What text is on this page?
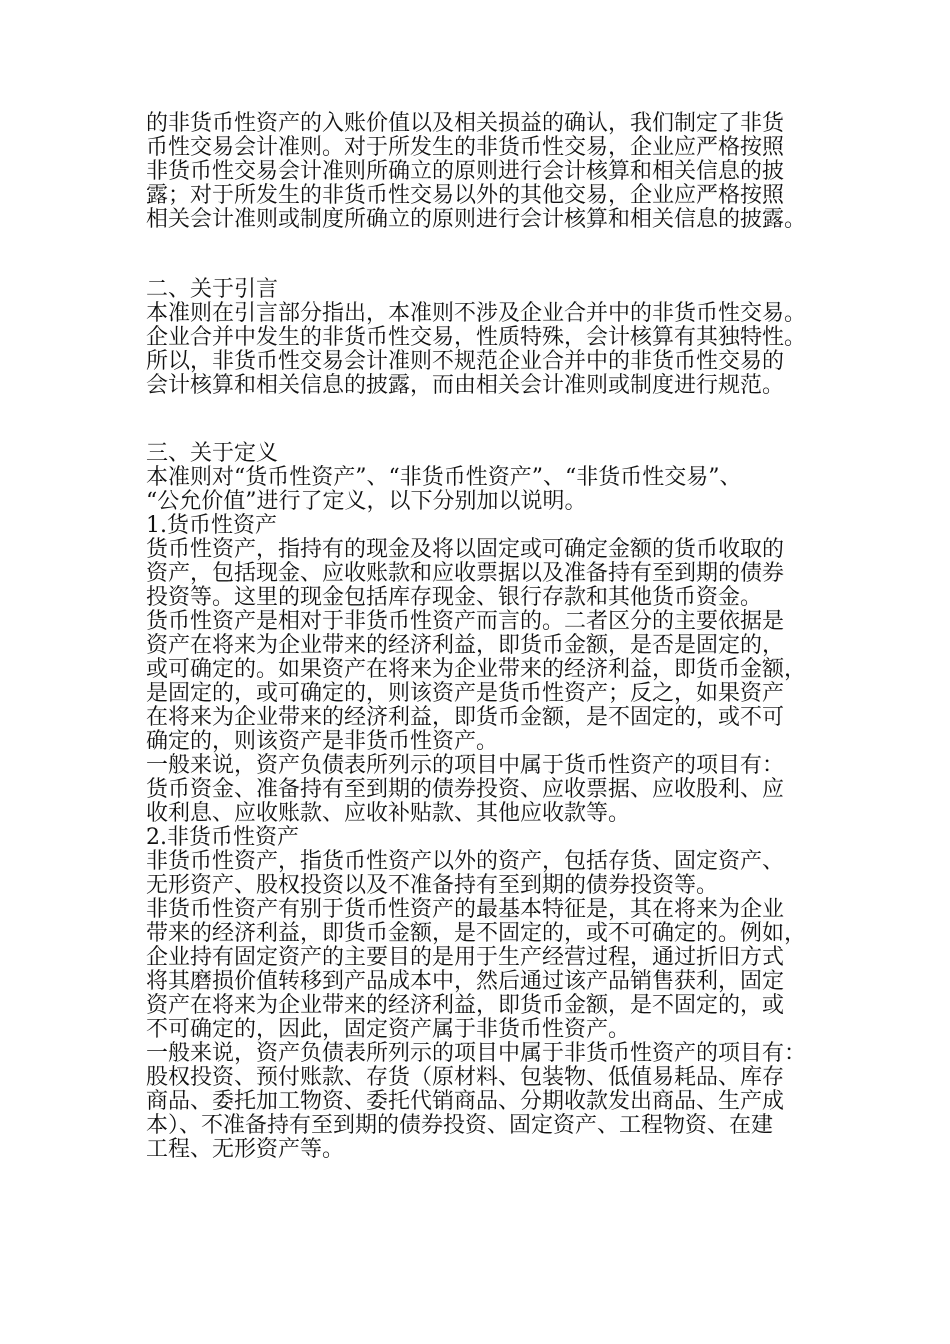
的非货币性资产的入账价值以及相关损益的确认，我们制定了非货
币性交易会计准则。对于所发生的非货币性交易，企业应严格按照
非货币性交易会计准则所确立的原则进行会计核算和相关信息的披
露；对于所发生的非货币性交易以外的其他交易，企业应严格按照
相关会计准则或制度所确立的原则进行会计核算和相关信息的披露。
二、关于引言
本准则在引言部分指出，本准则不涉及企业合并中的非货币性交易。
企业合并中发生的非货币性交易，性质特殊，会计核算有其独特性。
所以，非货币性交易会计准则不规范企业合并中的非货币性交易的
会计核算和相关信息的披露，而由相关会计准则或制度进行规范。
三、关于定义
本准则对“货币性资产”、“非货币性资产”、“非货币性交易”、
“公允价值”进行了定义，以下分别加以说明。
1.货币性资产
货币性资产，指持有的现金及将以固定或可确定金额的货币收取的
资产，包括现金、应收账款和应收票据以及准备持有至到期的债券
投资等。这里的现金包括库存现金、银行存款和其他货币资金。
货币性资产是相对于非货币性资产而言的。二者区分的主要依据是
资产在将来为企业带来的经济利益，即货币金额，是否是固定的，
或可确定的。如果资产在将来为企业带来的经济利益，即货币金额，
是固定的，或可确定的，则该资产是货币性资产；反之，如果资产
在将来为企业带来的经济利益，即货币金额，是不固定的，或不可
确定的，则该资产是非货币性资产。
一般来说，资产负债表所列示的项目中属于货币性资产的项目有：
货币资金、准备持有至到期的债券投资、应收票据、应收股利、应
收利息、应收账款、应收补贴款、其他应收款等。
2.非货币性资产
非货币性资产，指货币性资产以外的资产，包括存货、固定资产、
无形资产、股权投资以及不准备持有至到期的债券投资等。
非货币性资产有别于货币性资产的最基本特征是，其在将来为企业
带来的经济利益，即货币金额，是不固定的，或不可确定的。例如，
企业持有固定资产的主要目的是用于生产经营过程，通过折旧方式
将其磨损价值转移到产品成本中，然后通过该产品销售获利，固定
资产在将来为企业带来的经济利益，即货币金额，是不固定的，或
不可确定的，因此，固定资产属于非货币性资产。
一般来说，资产负债表所列示的项目中属于非货币性资产的项目有：
股权投资、预付账款、存货（原材料、包装物、低值易耗品、库存
商品、委托加工物资、委托代销商品、分期收款发出商品、生产成
本）、不准备持有至到期的债券投资、固定资产、工程物资、在建
工程、无形资产等。
